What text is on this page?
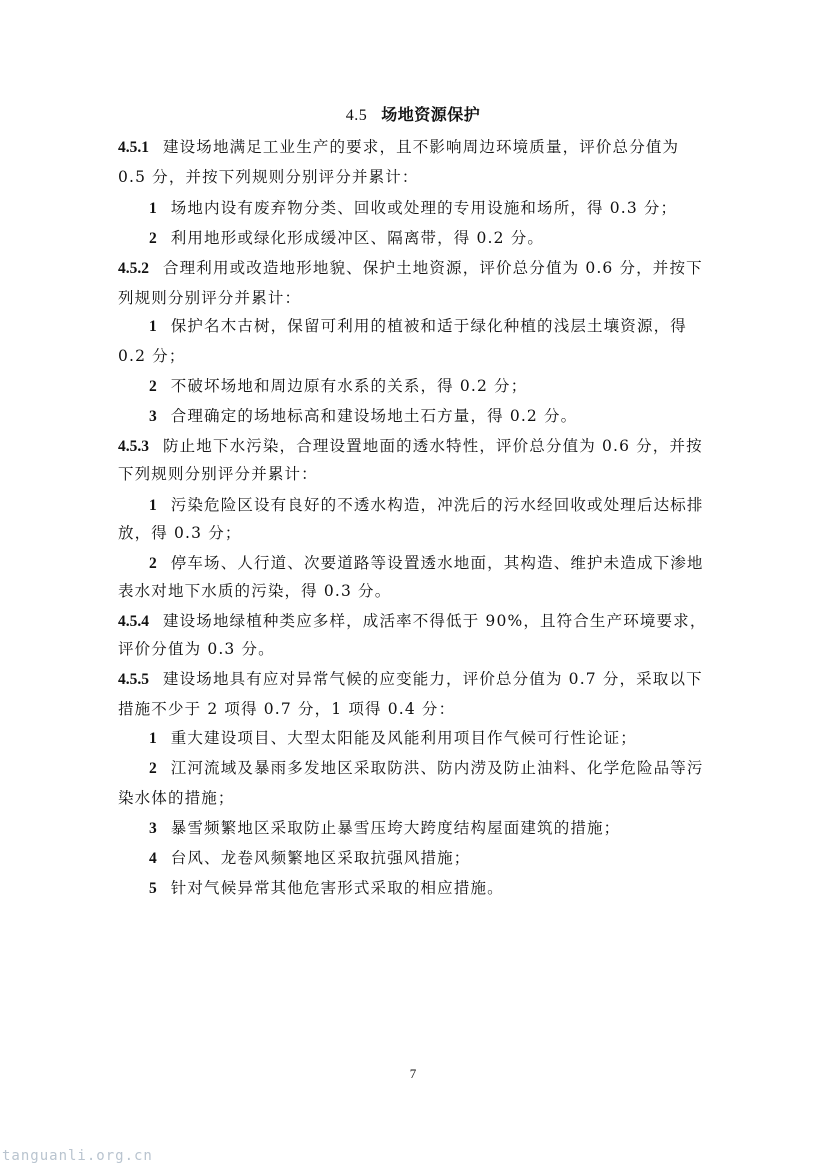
4.5 场地资源保护
4.5.1 建设场地满足工业生产的要求，且不影响周边环境质量，评价总分值为
0.5 分，并按下列规则分别评分并累计：
1 场地内设有废弃物分类、回收或处理的专用设施和场所，得 0.3 分；
2 利用地形或绿化形成缓冲区、隔离带，得 0.2 分。
4.5.2 合理利用或改造地形地貌、保护土地资源，评价总分值为 0.6 分，并按下
列规则分别评分并累计：
1 保护名木古树，保留可利用的植被和适于绿化种植的浅层土壤资源，得
0.2 分；
2 不破坏场地和周边原有水系的关系，得 0.2 分；
3 合理确定的场地标高和建设场地土石方量，得 0.2 分。
4.5.3 防止地下水污染，合理设置地面的透水特性，评价总分值为 0.6 分，并按
下列规则分别评分并累计：
1 污染危险区设有良好的不透水构造，冲洗后的污水经回收或处理后达标排
放，得 0.3 分；
2 停车场、人行道、次要道路等设置透水地面，其构造、维护未造成下渗地
表水对地下水质的污染，得 0.3 分。
4.5.4 建设场地绿植种类应多样，成活率不得低于 90%，且符合生产环境要求，
评价分值为 0.3 分。
4.5.5 建设场地具有应对异常气候的应变能力，评价总分值为 0.7 分，采取以下
措施不少于 2 项得 0.7 分，1 项得 0.4 分：
1 重大建设项目、大型太阳能及风能利用项目作气候可行性论证；
2 江河流域及暴雨多发地区采取防洪、防内涝及防止油料、化学危险品等污
染水体的措施；
3 暴雪频繁地区采取防止暴雪压垮大跨度结构屋面建筑的措施；
4 台风、龙卷风频繁地区采取抗强风措施；
5 针对气候异常其他危害形式采取的相应措施。
7
tanguanli.org.cn
